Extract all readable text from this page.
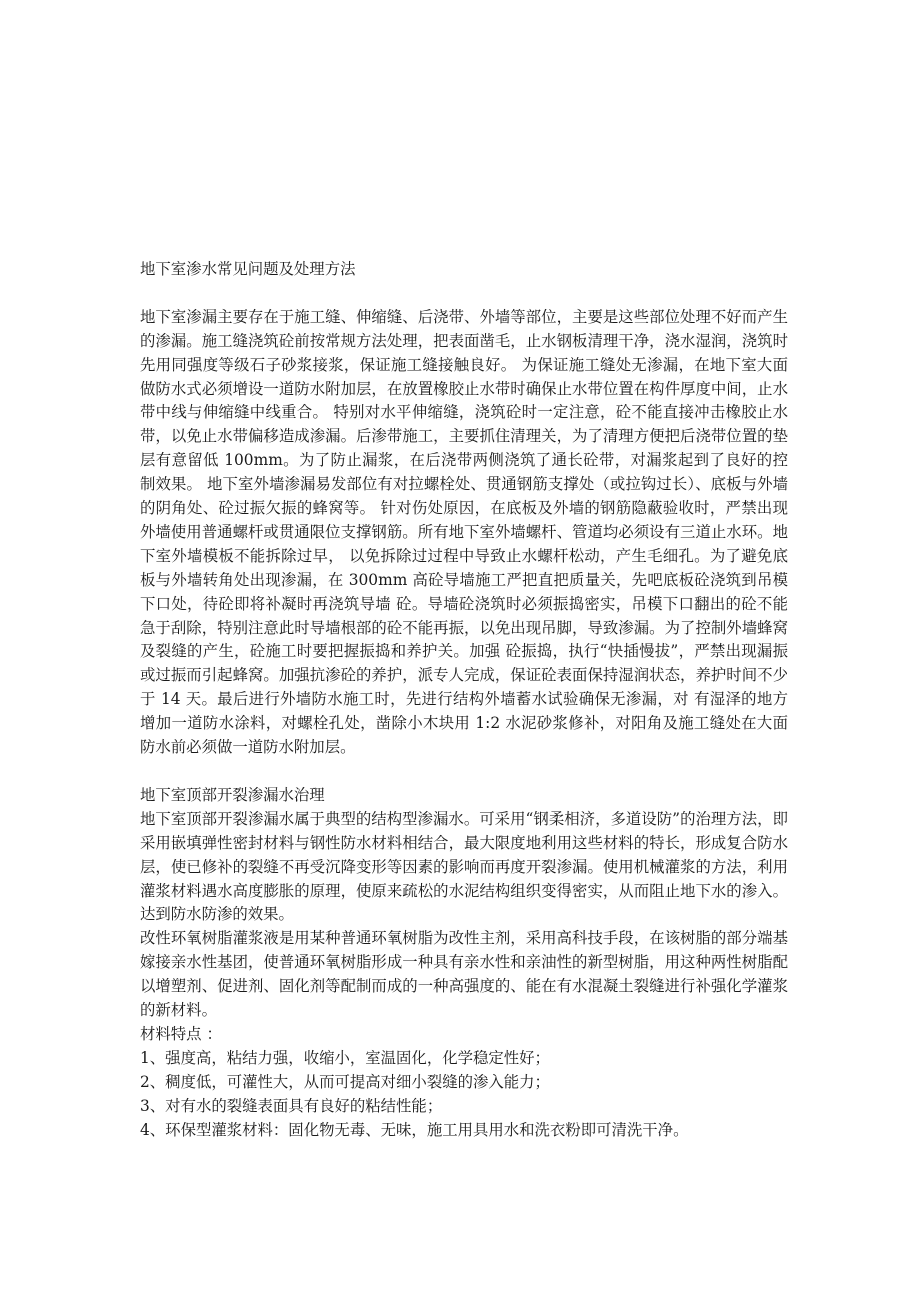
地下室渗水常见问题及处理方法

地下室渗漏主要存在于施工缝、伸缩缝、后浇带、外墙等部位，主要是这些部位处理不好而产生的渗漏。施工缝浇筑砼前按常规方法处理，把表面凿毛，止水钢板清理干净，浇水湿润，浇筑时先用同强度等级石子砂浆接浆，保证施工缝接触良好。 为保证施工缝处无渗漏，在地下室大面做防水式必须增设一道防水附加层，在放置橡胶止水带时确保止水带位置在构件厚度中间，止水带中线与伸缩缝中线重合。 特别对水平伸缩缝，浇筑砼时一定注意，砼不能直接冲击橡胶止水带，以免止水带偏移造成渗漏。后渗带施工，主要抓住清理关，为了清理方便把后浇带位置的垫层有意留低 100mm。为了防止漏浆，在后浇带两侧浇筑了通长砼带，对漏浆起到了良好的控制效果。 地下室外墙渗漏易发部位有对拉螺栓处、贯通钢筋支撑处（或拉钩过长）、底板与外墙的阴角处、砼过振欠振的蜂窝等。 针对伤处原因，在底板及外墙的钢筋隐蔽验收时，严禁出现外墙使用普通螺杆或贯通限位支撑钢筋。所有地下室外墙螺杆、管道均必须设有三道止水环。地下室外墙模板不能拆除过早， 以免拆除过过程中导致止水螺杆松动，产生毛细孔。为了避免底板与外墙转角处出现渗漏，在 300mm 高砼导墙施工严把直把质量关，先吧底板砼浇筑到吊模下口处，待砼即将补凝时再浇筑导墙 砼。导墙砼浇筑时必须振捣密实，吊模下口翻出的砼不能急于刮除，特别注意此时导墙根部的砼不能再振，以免出现吊脚，导致渗漏。为了控制外墙蜂窝及裂缝的产生，砼施工时要把握振捣和养护关。加强 砼振捣，执行“快插慢拔”，严禁出现漏振或过振而引起蜂窝。加强抗渗砼的养护，派专人完成，保证砼表面保持湿润状态，养护时间不少于 14 天。最后进行外墙防水施工时，先进行结构外墙蓄水试验确保无渗漏，对 有湿泽的地方增加一道防水涂料，对螺栓孔处，凿除小木块用 1:2 水泥砂浆修补，对阳角及施工缝处在大面防水前必须做一道防水附加层。

地下室顶部开裂渗漏水治理

地下室顶部开裂渗漏水属于典型的结构型渗漏水。可采用“钢柔相济，多道设防”的治理方法，即采用嵌填弹性密封材料与钢性防水材料相结合，最大限度地利用这些材料的特长，形成复合防水层，使已修补的裂缝不再受沉降变形等因素的影响而再度开裂渗漏。使用机械灌浆的方法，利用灌浆材料遇水高度膨胀的原理，使原来疏松的水泥结构组织变得密实，从而阻止地下水的渗入。达到防水防渗的效果。

改性环氧树脂灌浆液是用某种普通环氧树脂为改性主剂，采用高科技手段，在该树脂的部分端基嫁接亲水性基团，使普通环氧树脂形成一种具有亲水性和亲油性的新型树脂，用这种两性树脂配以增塑剂、促进剂、固化剂等配制而成的一种高强度的、能在有水混凝土裂缝进行补强化学灌浆的新材料。

材料特点 ：

1、强度高，粘结力强，收缩小，室温固化，化学稳定性好；
2、稠度低，可灌性大，从而可提高对细小裂缝的渗入能力；
3、对有水的裂缝表面具有良好的粘结性能；
4、环保型灌浆材料：固化物无毒、无味，施工用具用水和洗衣粉即可清洗干净。
